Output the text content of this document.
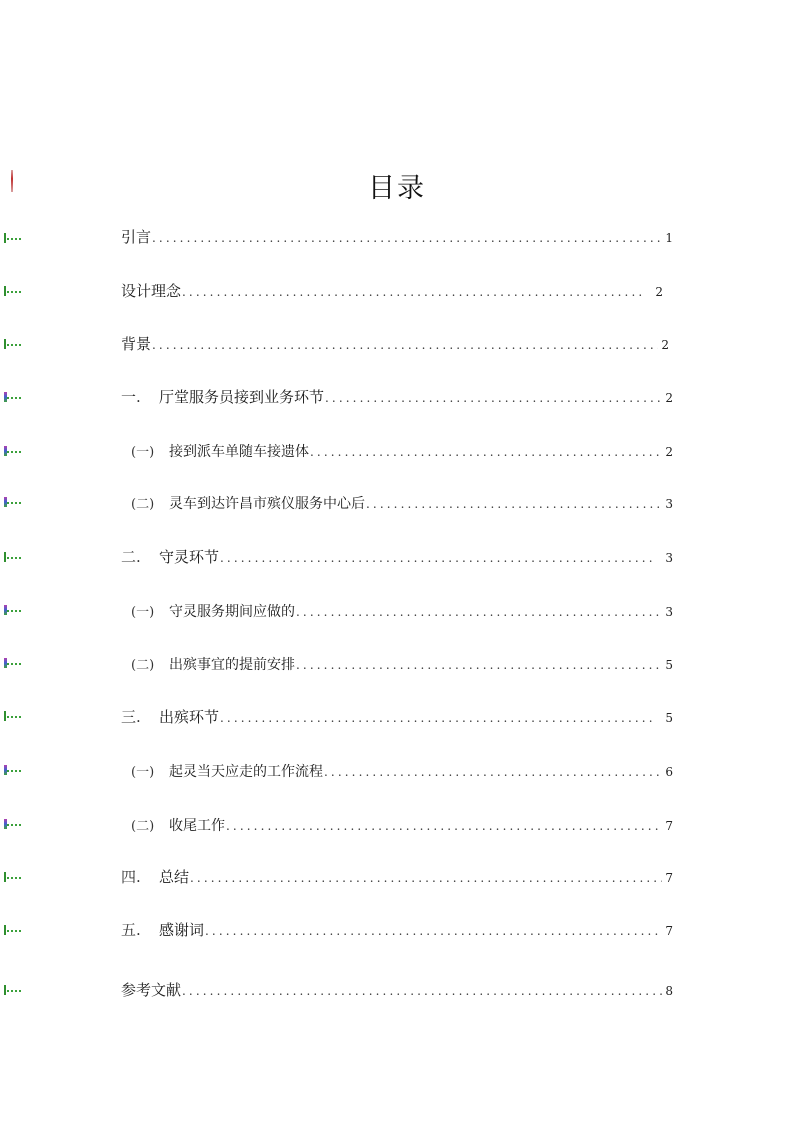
目录
引言 .....	1
设计理念 .....	2
背景 .....	2
一.	厅堂服务员接到业务环节 .....	2
(一)	接到派车单随车接遗体 .....	2
(二)	灵车到达许昌市殡仪服务中心后 .....	3
二.	守灵环节 .....	3
(一)	守灵服务期间应做的 .....	3
(二)	出殡事宜的提前安排 .....	5
三.	出殡环节 .....	5
(一)	起灵当天应走的工作流程 .....	6
(二)	收尾工作 .....	7
四.	总结 .....	7
五.	感谢词 .....	7
参考文献 .....	8
